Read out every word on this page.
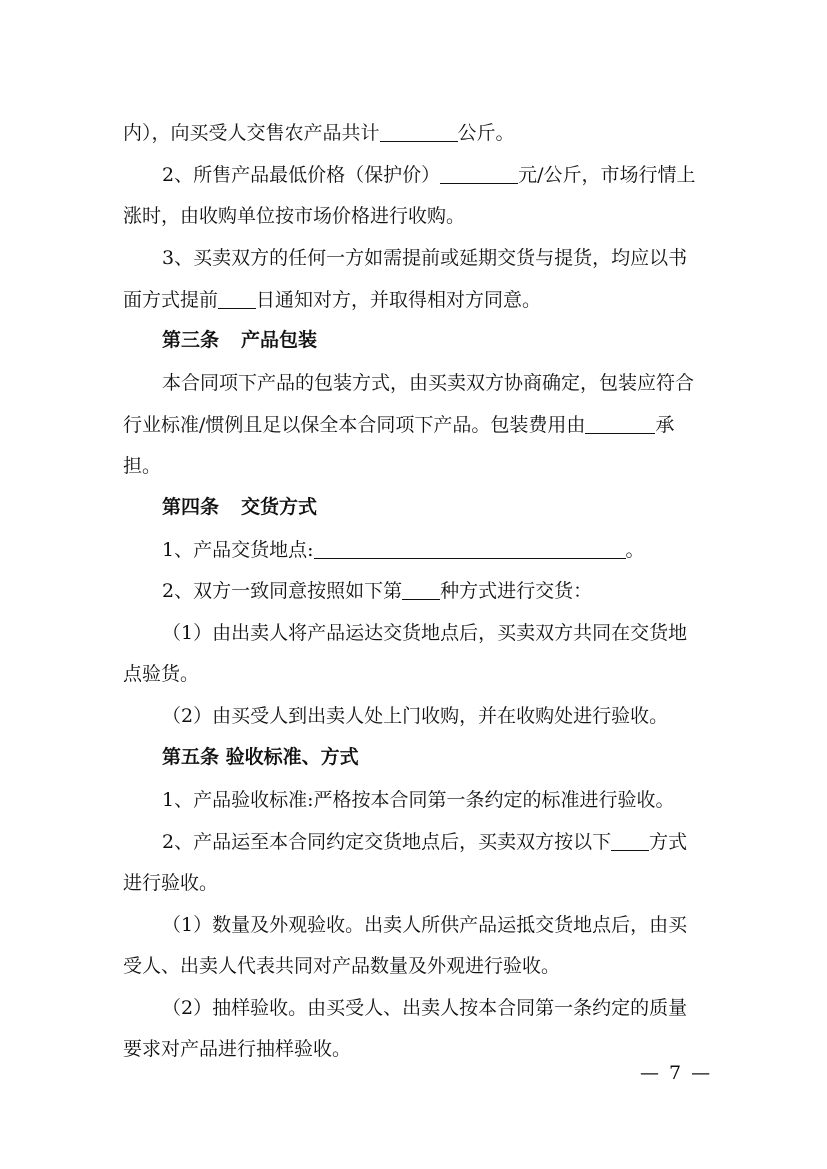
内），向买受人交售农产品共计	公斤。
2、所售产品最低价格（保护价）	元/公斤，市场行情上
涨时，由收购单位按市场价格进行收购。
3、买卖双方的任何一方如需提前或延期交货与提货，均应以书
面方式提前 日通知对方，并取得相对方同意。
第三条 产品包装
本合同项下产品的包装方式，由买卖双方协商确定，包装应符合
行业标准/惯例且足以保全本合同项下产品。包装费用由	承
担。
第四条 交货方式
1、产品交货地点:	。
2、双方一致同意按照如下第 种方式进行交货：
（1）由出卖人将产品运达交货地点后，买卖双方共同在交货地
点验货。
（2）由买受人到出卖人处上门收购，并在收购处进行验收。
第五条 验收标准、方式
1、产品验收标准:严格按本合同第一条约定的标准进行验收。
2、产品运至本合同约定交货地点后，买卖双方按以下 方式
进行验收。
（1）数量及外观验收。出卖人所供产品运抵交货地点后，由买
受人、出卖人代表共同对产品数量及外观进行验收。
（2）抽样验收。由买受人、出卖人按本合同第一条约定的质量
要求对产品进行抽样验收。
— 7 —
